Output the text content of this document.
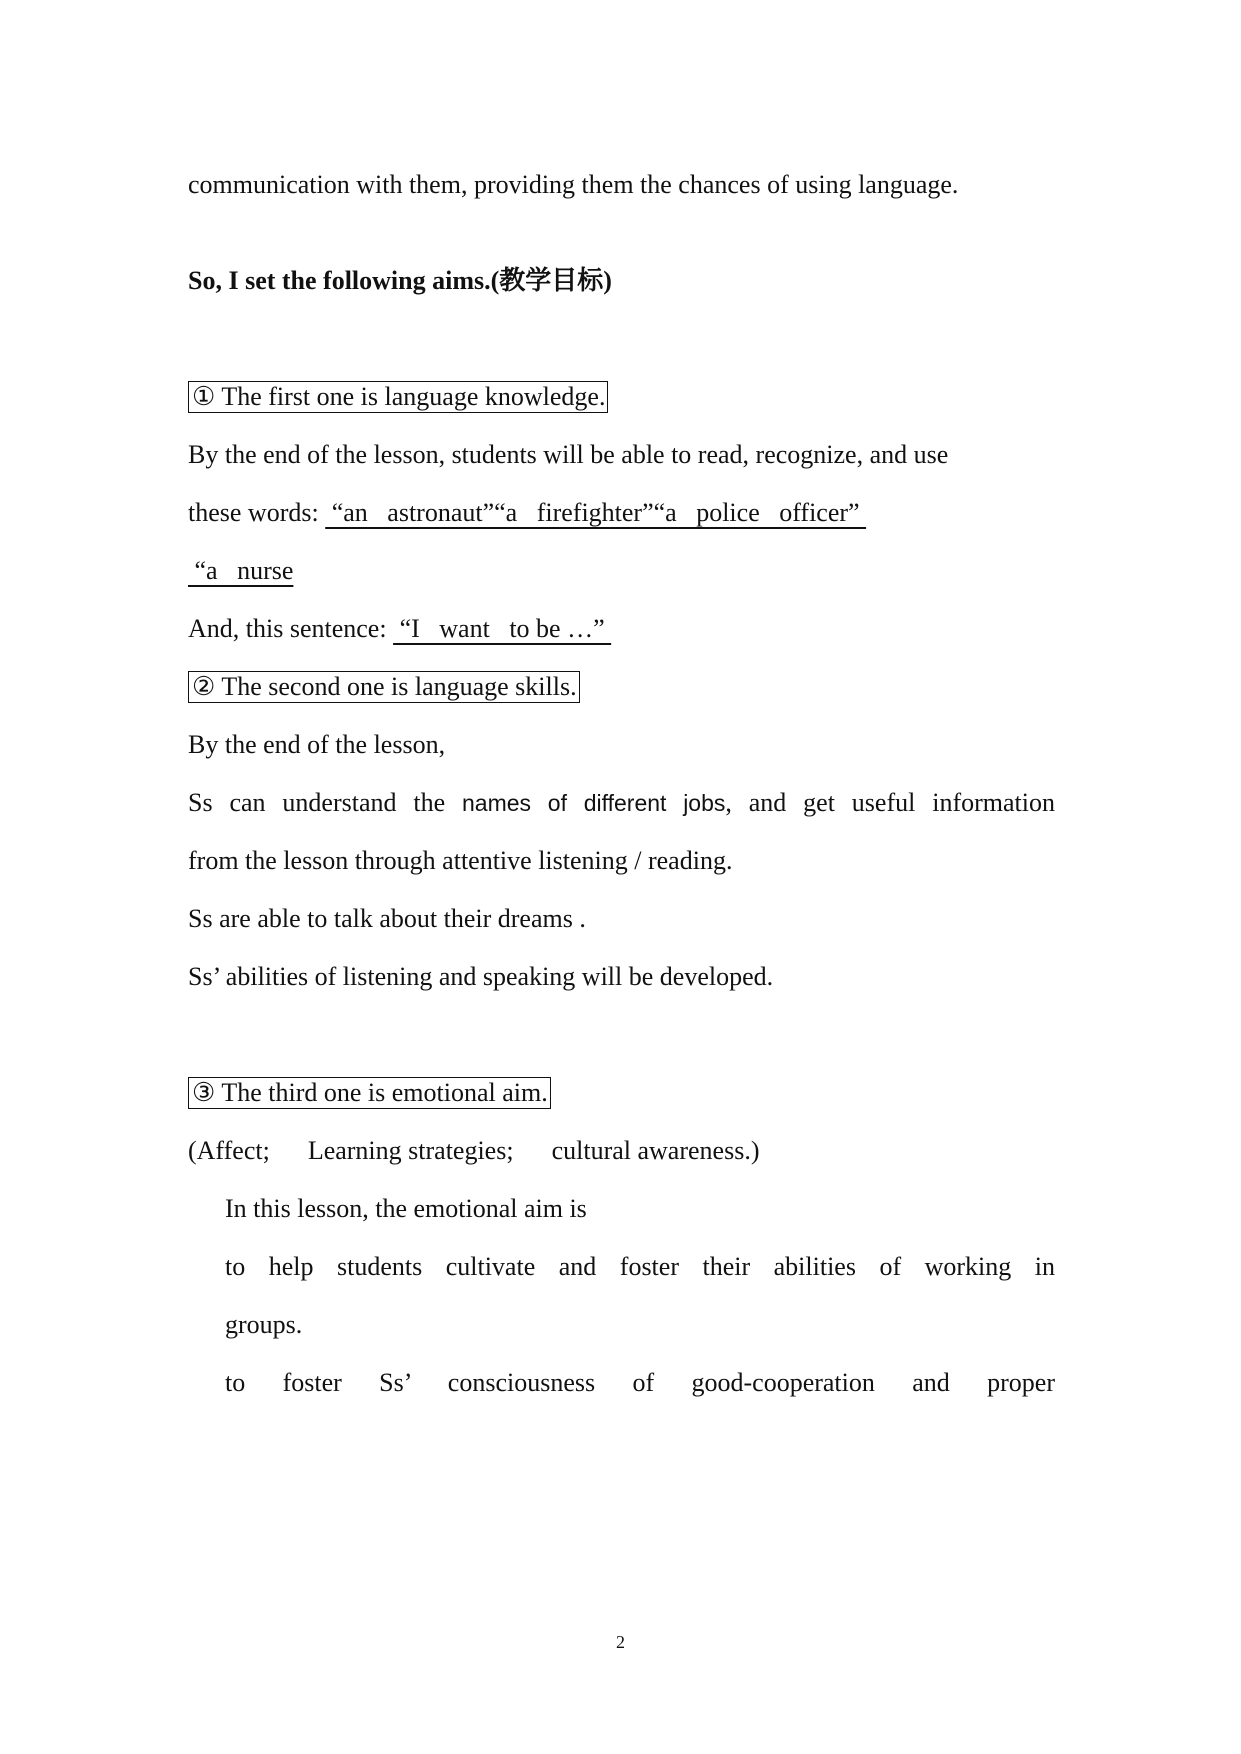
communication with them, providing them the chances of using language.
So, I set the following aims.(教学目标)
① The first one is language knowledge.
By the end of the lesson, students will be able to read, recognize, and use
these words:  “an   astronaut”“a   firefighter”“a   police   officer”
“a   nurse
And, this sentence:  “I   want   to be …”
② The second one is language skills.
By the end of the lesson,
Ss can understand the names of different jobs, and get useful information
from the lesson through attentive listening / reading.
Ss are able to talk about their dreams .
Ss’ abilities of listening and speaking will be developed.
③ The third one is emotional aim.
(Affect; Learning strategies; cultural awareness.)
In this lesson, the emotional aim is
to help students cultivate and foster their abilities of working in
groups.
to foster Ss’ consciousness of good-cooperation and proper
2
